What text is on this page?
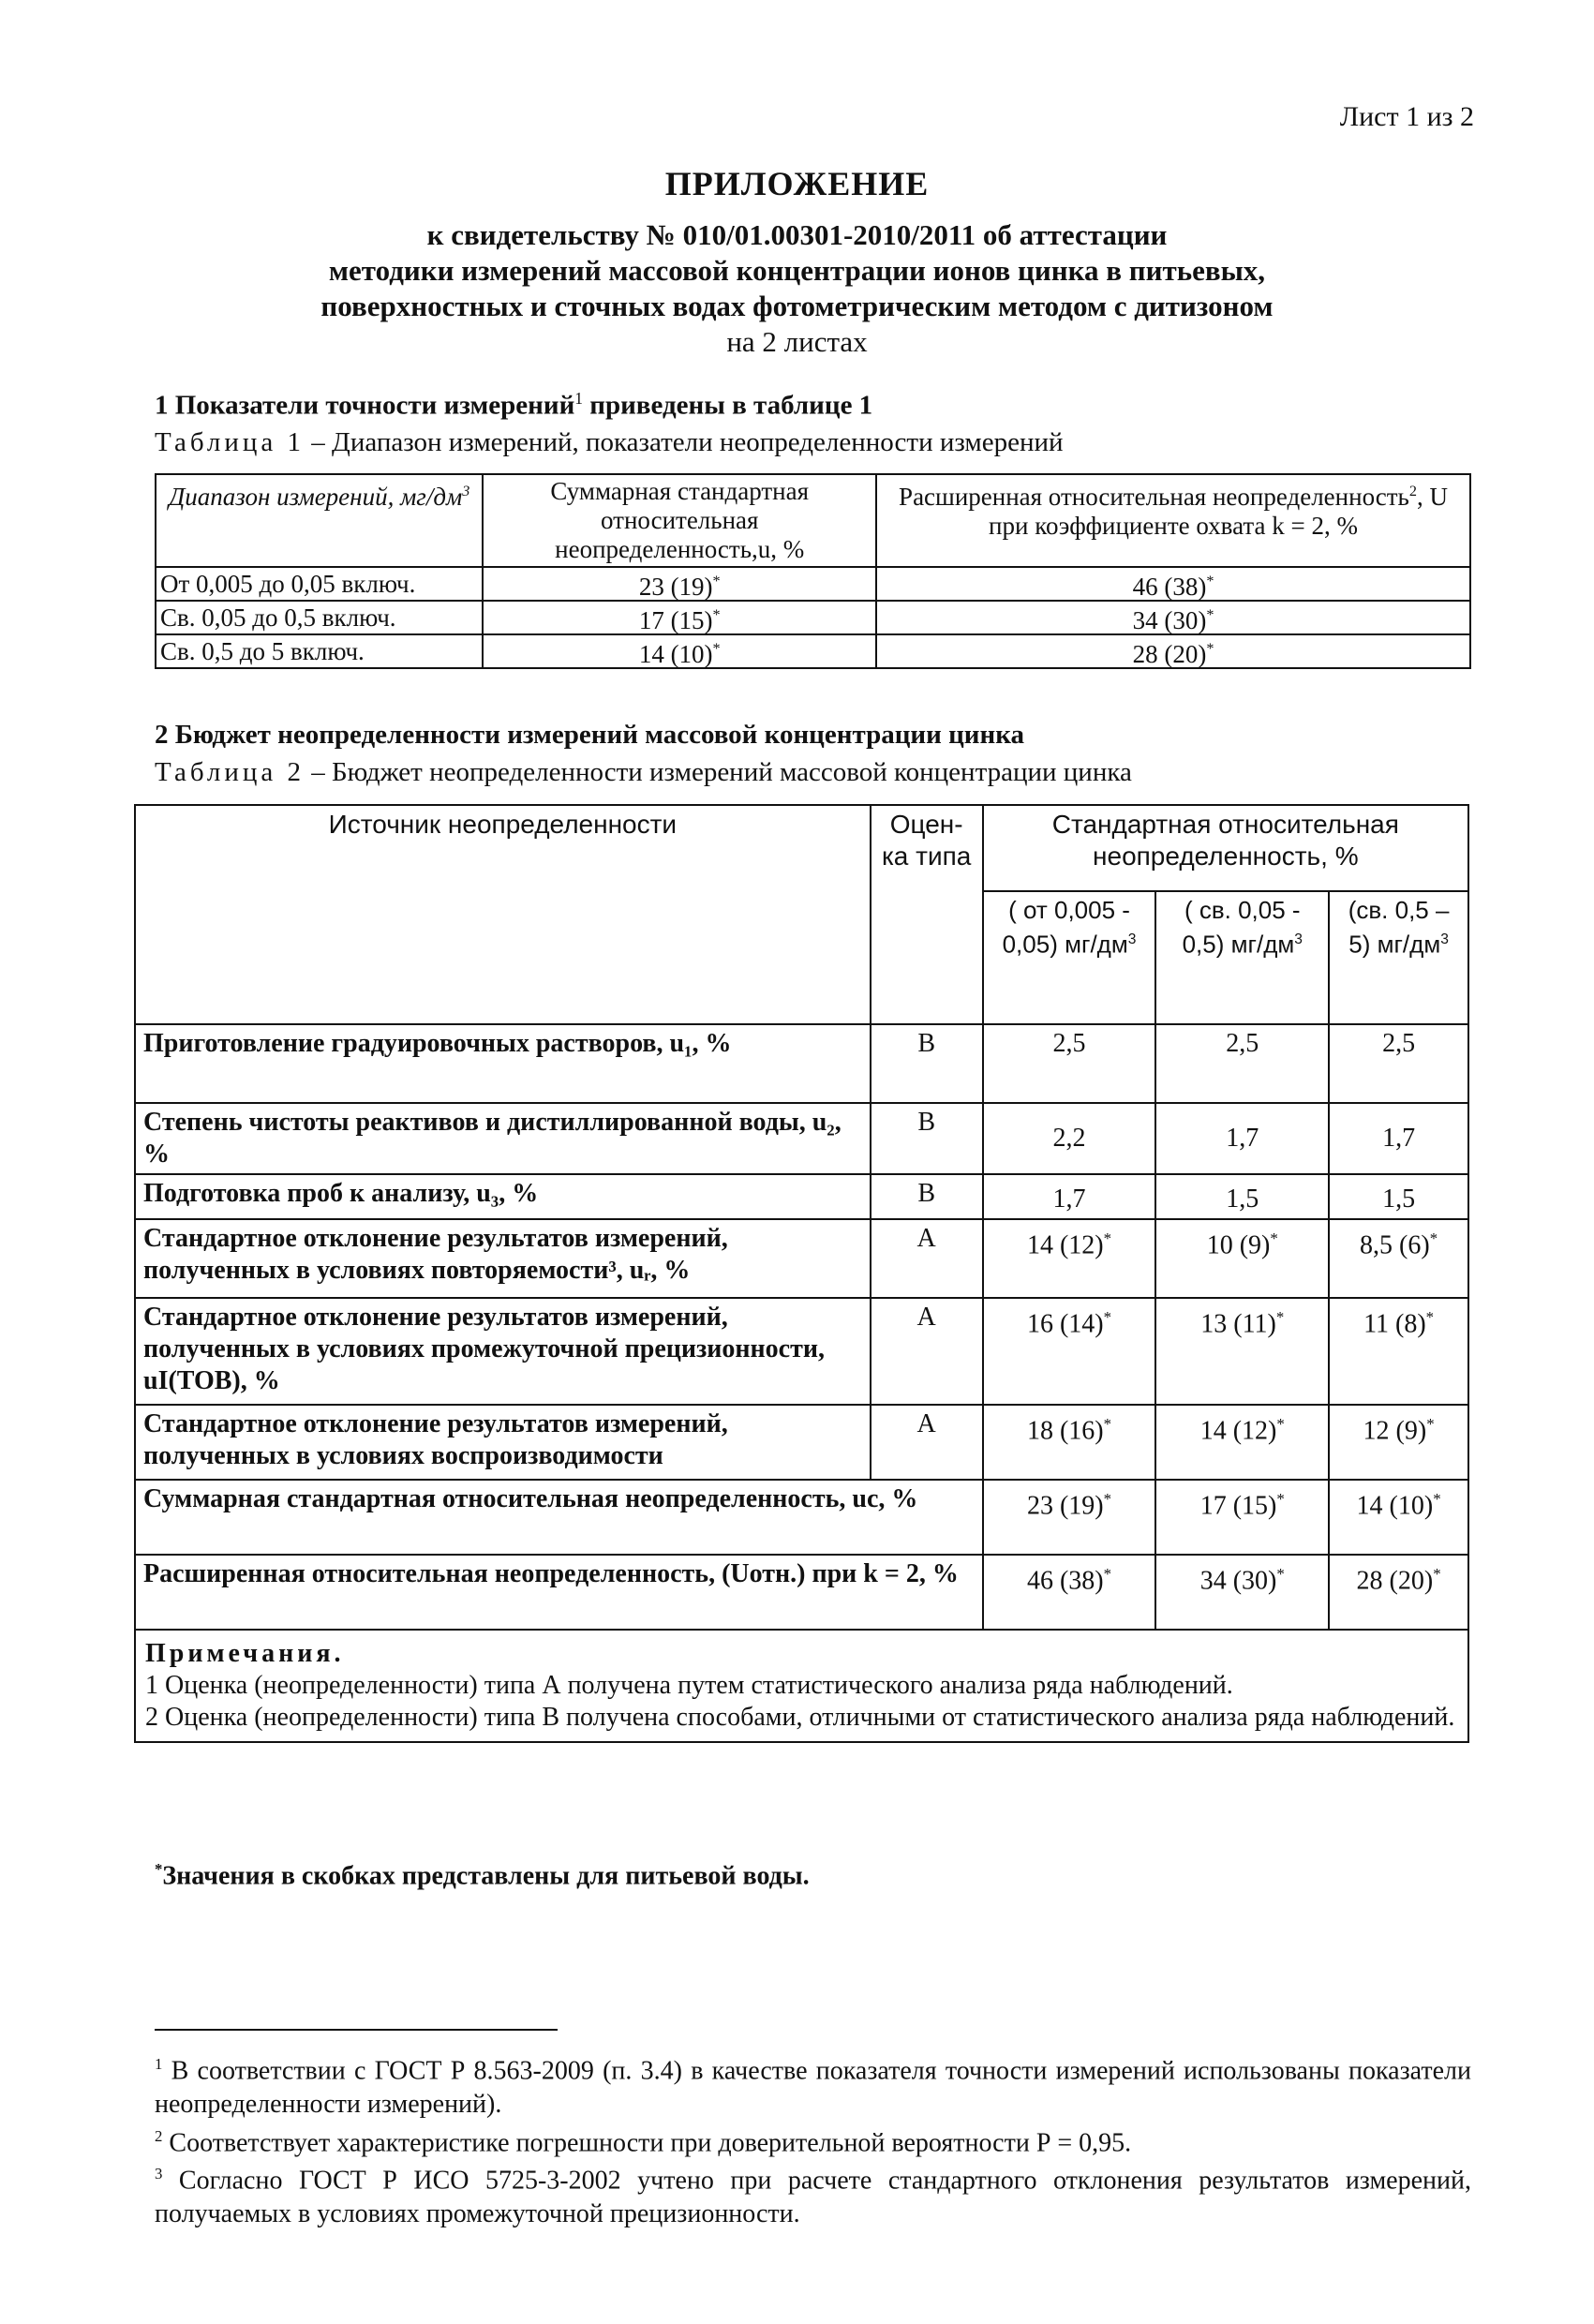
Лист 1 из 2
ПРИЛОЖЕНИЕ
к свидетельству № 010/01.00301-2010/2011 об аттестации
методики измерений массовой концентрации ионов цинка в питьевых,
поверхностных и сточных водах фотометрическим методом с дитизоном
на 2 листах
1 Показатели точности измерений$^1$ приведены в таблице 1
Таблица 1 – Диапазон измерений, показатели неопределенности измерений
Диапазон измерений, $мг/дм^3$	Суммарная стандартная относительная неопределенность,u, %	Расширенная относительная неопределенность$^2$, U при коэффициенте охвата k = 2, %
От 0,005 до 0,05 включ.	23 (19)*	46 (38)*
Св. 0,05 до 0,5 включ.	17 (15)*	34 (30)*
Св. 0,5 до 5 включ.	14 (10)*	28 (20)*
2 Бюджет неопределенности измерений массовой концентрации цинка
Таблица 2 – Бюджет неопределенности измерений массовой концентрации цинка
Источник неопределенности	Оцен-ка типа	Стандартная относительная неопределенность, %		
		( от 0,005 - 0,05) $мг/дм^3$	( св. 0,05 - 0,5) $мг/дм^3$	(св. 0,5 – 5) $мг/дм^3$
Приготовление градуировочных растворов, u₁, %	B	2,5	2,5	2,5
Степень чистоты реактивов и дистиллированной воды, u₂, %	B	2,2	1,7	1,7
Подготовка проб к анализу, u₃, %	B	1,7	1,5	1,5
Стандартное отклонение результатов измерений, полученных в условиях повторяемости³, uᵣ, %	A	14 (12)*	10 (9)*	8,5 (6)*
Стандартное отклонение результатов измерений, полученных в условиях промежуточной прецизионности, uI(TOB), %	A	16 (14)*	13 (11)*	11 (8)*
Стандартное отклонение результатов измерений, полученных в условиях воспроизводимости	A	18 (16)*	14 (12)*	12 (9)*
Суммарная стандартная относительная неопределенность, uc, %		23 (19)*	17 (15)*	14 (10)*
Расширенная относительная неопределенность, (Uотн.) при k = 2, %		46 (38)*	34 (30)*	28 (20)*

Примечания.
1 Оценка (неопределенности) типа А получена путем статистического анализа ряда наблюдений.
2 Оценка (неопределенности) типа В получена способами, отличными от статистического анализа ряда наблюдений.				
*Значения в скобках представлены для питьевой воды.
$^1$ В соответствии с ГОСТ Р 8.563-2009 (п. 3.4) в качестве показателя точности измерений использованы показатели неопределенности измерений).
$^2$ Соответствует характеристике погрешности при доверительной вероятности Р = 0,95.
$^3$ Согласно ГОСТ Р ИСО 5725-3-2002 учтено при расчете стандартного отклонения результатов измерений, получаемых в условиях промежуточной прецизионности.
